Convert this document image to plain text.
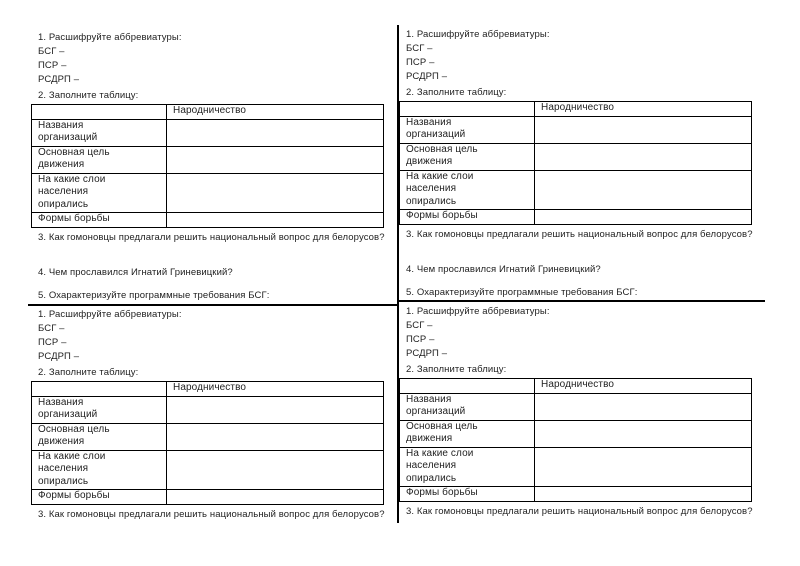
1. Расшифруйте аббревиатуры:
БСГ –
ПСР –
РСДРП –
2. Заполните таблицу:
	Народничество

Названия
организаций	

Основная цель
движения	

На какие слои
населения
опирались	

Формы борьбы	

3. Как гомоновцы предлагали решить национальный вопрос для белорусов?
4. Чем прославился Игнатий Гриневицкий?
5. Охарактеризуйте программные требования БСГ:
1. Расшифруйте аббревиатуры:
БСГ –
ПСР –
РСДРП –
2. Заполните таблицу:
	Народничество

Названия
организаций	

Основная цель
движения	

На какие слои
населения
опирались	

Формы борьбы	

3. Как гомоновцы предлагали решить национальный вопрос для белорусов?
4. Чем прославился Игнатий Гриневицкий?
5. Охарактеризуйте программные требования БСГ:
1. Расшифруйте аббревиатуры:
БСГ –
ПСР –
РСДРП –
2. Заполните таблицу:
	Народничество

Названия
организаций	

Основная цель
движения	

На какие слои
населения
опирались	

Формы борьбы	

3. Как гомоновцы предлагали решить национальный вопрос для белорусов?
1. Расшифруйте аббревиатуры:
БСГ –
ПСР –
РСДРП –
2. Заполните таблицу:
	Народничество

Названия
организаций	

Основная цель
движения	

На какие слои
населения
опирались	

Формы борьбы	

3. Как гомоновцы предлагали решить национальный вопрос для белорусов?
